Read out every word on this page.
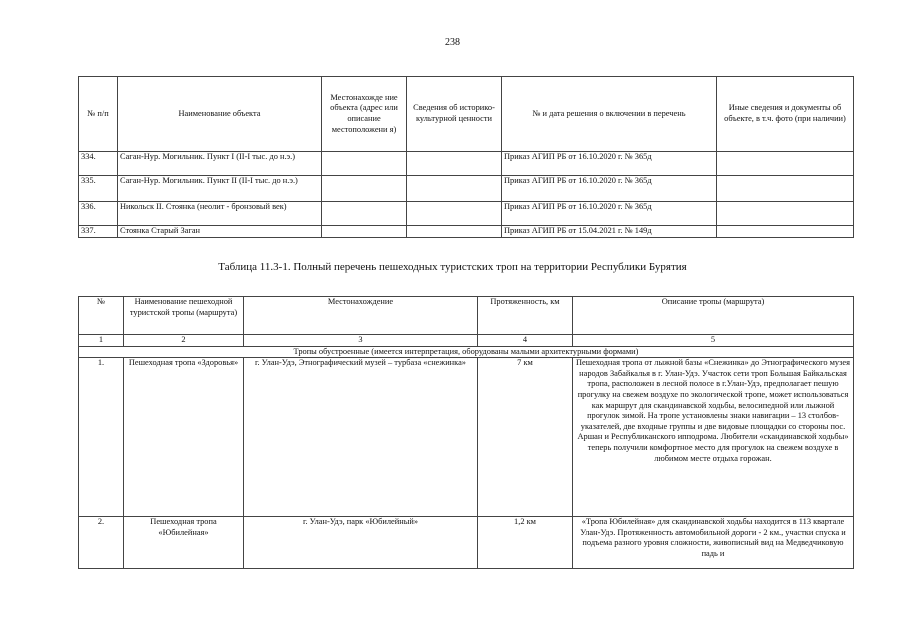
238
№ п/п	Наименование объекта	Местонахожде ние объекта (адрес или описание местоположени я)	Сведения об историко- культурной ценности	№ и дата решения о включении в перечень	Иные сведения и документы об объекте, в т.ч. фото (при наличии)
334.	Саган-Нур. Могильник. Пункт I (II-I тыс. до н.э.)			Приказ АГИП РБ от 16.10.2020 г. № 365д	
335.	Саган-Нур. Могильник. Пункт II (II-I тыс. до н.э.)			Приказ АГИП РБ от 16.10.2020 г. № 365д	
336.	Никольск II. Стоянка (неолит - бронзовый век)			Приказ АГИП РБ от 16.10.2020 г. № 365д	
337.	Стоянка Старый Заган			Приказ АГИП РБ от 15.04.2021 г. № 149д	
Таблица 11.3-1. Полный перечень пешеходных туристских троп на территории Республики Бурятия
№	Наименование пешеходной туристской тропы (маршрута)	Местонахождение	Протяженность, км	Описание тропы (маршрута)
1	2	3	4	5
Тропы обустроенные (имеется интерпретация, оборудованы малыми архитектурными формами)				
1.	Пешеходная тропа «Здоровья»	г. Улан-Удэ, Этнографический музей – турбаза «снежинка»	7 км	Пешеходная тропа от лыжной базы «Снежинка» до Этнографического музея народов Забайкалья в г. Улан-Удэ. Участок сети троп Большая Байкальская тропа, расположен в лесной полосе в г.Улан-Удэ, предполагает пешую прогулку на свежем воздухе по экологической тропе, может использоваться как маршрут для скандинавской ходьбы, велосипедной или лыжной прогулок зимой. На тропе установлены знаки навигации – 13 столбов-указателей, две входные группы и две видовые площадки со стороны пос. Аршан и Республиканского ипподрома. Любители «скандинавской ходьбы» теперь получили комфортное место для прогулок на свежем воздухе в любимом месте отдыха горожан.
2.	Пешеходная тропа «Юбилейная»	г. Улан-Удэ, парк «Юбилейный»	1,2 км	«Тропа Юбилейная» для скандинавской ходьбы находится в 113 квартале Улан-Удэ. Протяженность автомобильной дороги - 2 км., участки спуска и подъема разного уровня сложности, живописный вид на Медведчиковую падь и
